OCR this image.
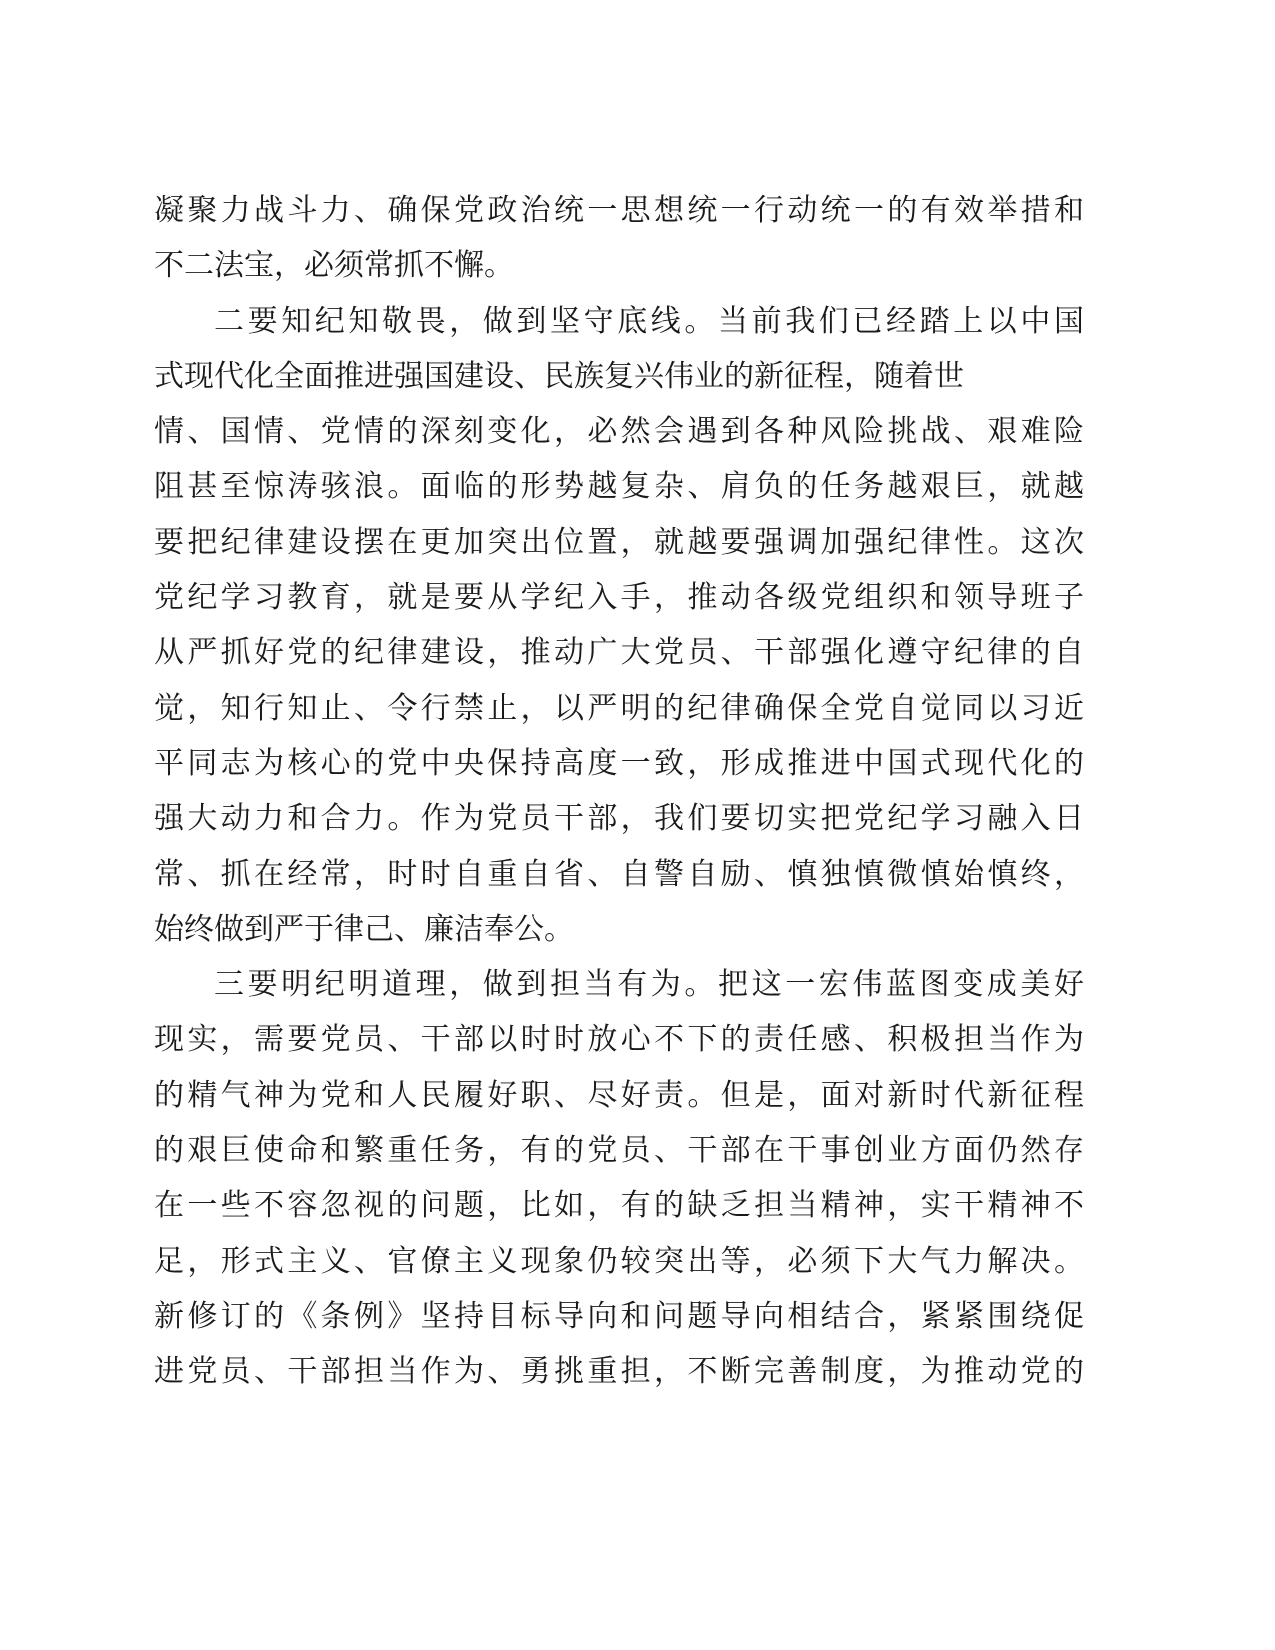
凝聚力战斗力、确保党政治统一思想统一行动统一的有效举措和
不二法宝，必须常抓不懈。
二要知纪知敬畏，做到坚守底线。当前我们已经踏上以中国
式现代化全面推进强国建设、民族复兴伟业的新征程，随着世
情、国情、党情的深刻变化，必然会遇到各种风险挑战、艰难险
阻甚至惊涛骇浪。面临的形势越复杂、肩负的任务越艰巨，就越
要把纪律建设摆在更加突出位置，就越要强调加强纪律性。这次
党纪学习教育，就是要从学纪入手，推动各级党组织和领导班子
从严抓好党的纪律建设，推动广大党员、干部强化遵守纪律的自
觉，知行知止、令行禁止，以严明的纪律确保全党自觉同以习近
平同志为核心的党中央保持高度一致，形成推进中国式现代化的
强大动力和合力。作为党员干部，我们要切实把党纪学习融入日
常、抓在经常，时时自重自省、自警自励、慎独慎微慎始慎终，
始终做到严于律己、廉洁奉公。
三要明纪明道理，做到担当有为。把这一宏伟蓝图变成美好
现实，需要党员、干部以时时放心不下的责任感、积极担当作为
的精气神为党和人民履好职、尽好责。但是，面对新时代新征程
的艰巨使命和繁重任务，有的党员、干部在干事创业方面仍然存
在一些不容忽视的问题，比如，有的缺乏担当精神，实干精神不
足，形式主义、官僚主义现象仍较突出等，必须下大气力解决。
新修订的《条例》坚持目标导向和问题导向相结合，紧紧围绕促
进党员、干部担当作为、勇挑重担，不断完善制度，为推动党的
